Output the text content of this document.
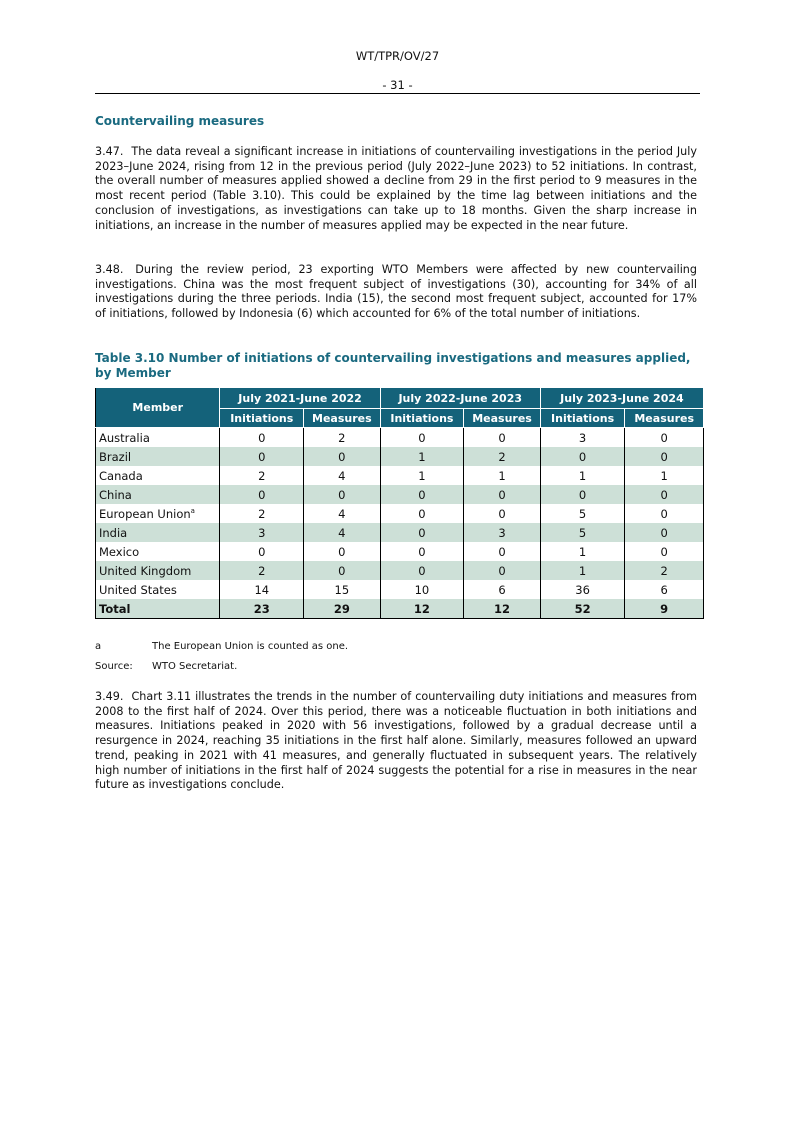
WT/TPR/OV/27
- 31 -
Countervailing measures
3.47. The data reveal a significant increase in initiations of countervailing investigations in the period July 2023–June 2024, rising from 12 in the previous period (July 2022–June 2023) to 52 initiations. In contrast, the overall number of measures applied showed a decline from 29 in the first period to 9 measures in the most recent period (Table 3.10). This could be explained by the time lag between initiations and the conclusion of investigations, as investigations can take up to 18 months. Given the sharp increase in initiations, an increase in the number of measures applied may be expected in the near future.
3.48. During the review period, 23 exporting WTO Members were affected by new countervailing investigations. China was the most frequent subject of investigations (30), accounting for 34% of all investigations during the three periods. India (15), the second most frequent subject, accounted for 17% of initiations, followed by Indonesia (6) which accounted for 6% of the total number of initiations.
Table 3.10 Number of initiations of countervailing investigations and measures applied, by Member
Member	July 2021-June 2022		July 2022-June 2023		July 2023-June 2024	
	Initiations	Measures	Initiations	Measures	Initiations	Measures
Australia	0	2	0	0	3	0
Brazil	0	0	1	2	0	0
Canada	2	4	1	1	1	1
China	0	0	0	0	0	0
European Union$^a$	2	4	0	0	5	0
India	3	4	0	3	5	0
Mexico	0	0	0	0	1	0
United Kingdom	2	0	0	0	1	2
United States	14	15	10	6	36	6
Total	23	29	12	12	52	9
a	The European Union is counted as one.
Source: WTO Secretariat.
3.49. Chart 3.11 illustrates the trends in the number of countervailing duty initiations and measures from 2008 to the first half of 2024. Over this period, there was a noticeable fluctuation in both initiations and measures. Initiations peaked in 2020 with 56 investigations, followed by a gradual decrease until a resurgence in 2024, reaching 35 initiations in the first half alone. Similarly, measures followed an upward trend, peaking in 2021 with 41 measures, and generally fluctuated in subsequent years. The relatively high number of initiations in the first half of 2024 suggests the potential for a rise in measures in the near future as investigations conclude.
